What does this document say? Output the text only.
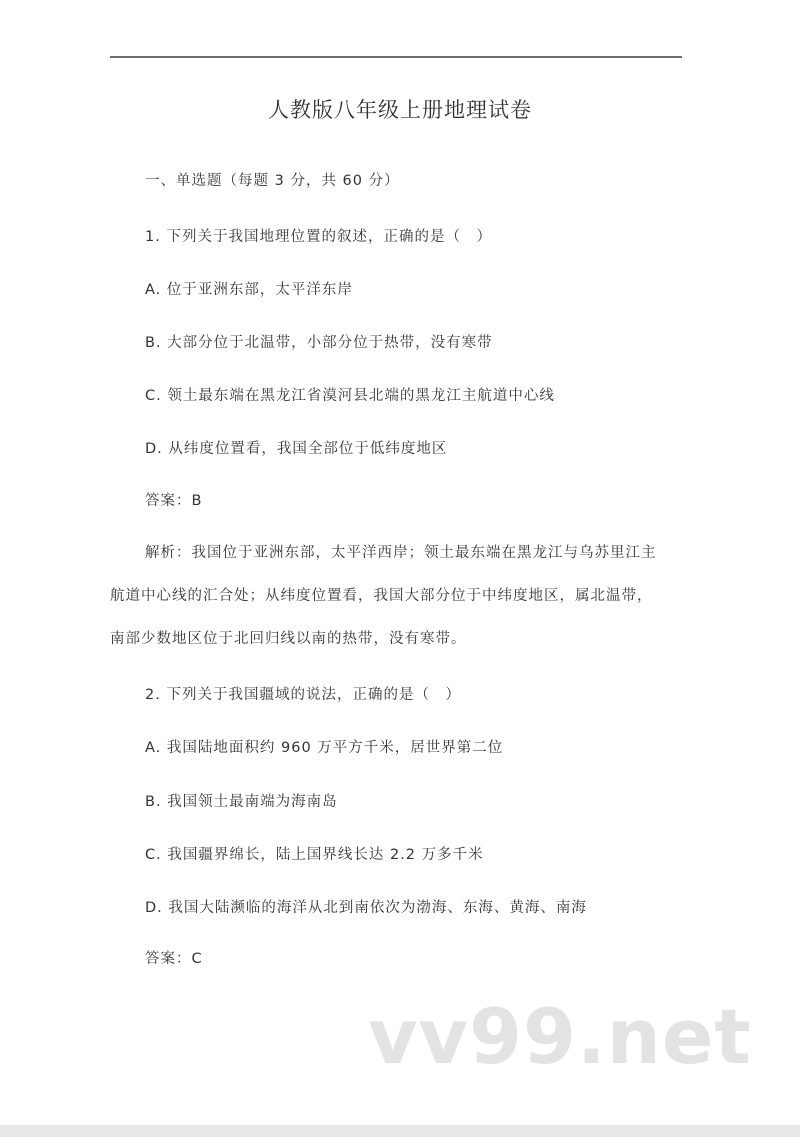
人教版八年级上册地理试卷
一、单选题（每题 3 分，共 60 分）
1. 下列关于我国地理位置的叙述，正确的是（　）
A. 位于亚洲东部，太平洋东岸
B. 大部分位于北温带，小部分位于热带，没有寒带
C. 领土最东端在黑龙江省漠河县北端的黑龙江主航道中心线
D. 从纬度位置看，我国全部位于低纬度地区
答案：B
解析：我国位于亚洲东部，太平洋西岸；领土最东端在黑龙江与乌苏里江主
航道中心线的汇合处；从纬度位置看，我国大部分位于中纬度地区，属北温带，
南部少数地区位于北回归线以南的热带，没有寒带。
2. 下列关于我国疆域的说法，正确的是（　）
A. 我国陆地面积约 960 万平方千米，居世界第二位
B. 我国领土最南端为海南岛
C. 我国疆界绵长，陆上国界线长达 2.2 万多千米
D. 我国大陆濒临的海洋从北到南依次为渤海、东海、黄海、南海
答案：C
vv99.net
